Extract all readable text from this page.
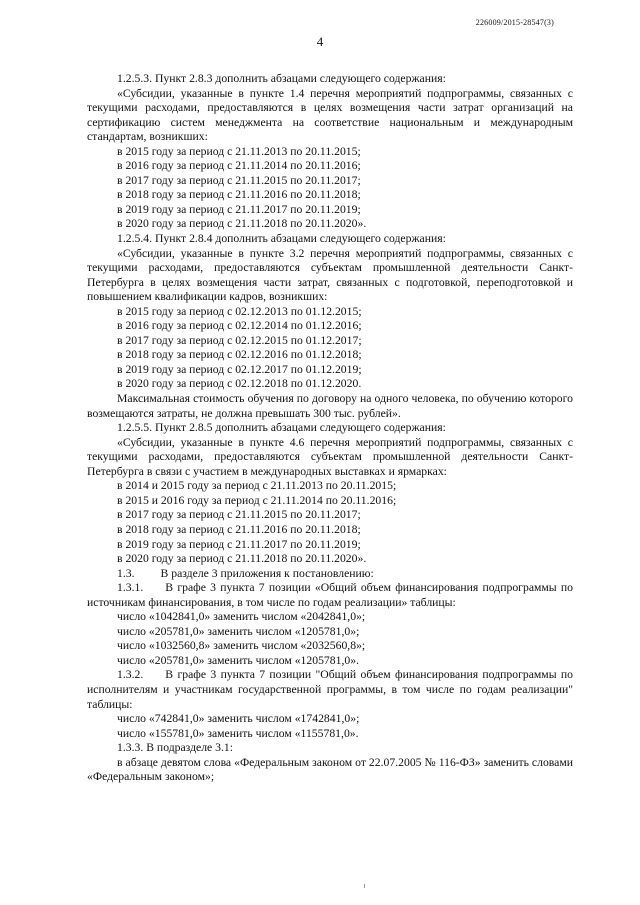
226009/2015-28547(3)
4

1.2.5.3. Пункт 2.8.3 дополнить абзацами следующего содержания:

«Субсидии, указанные в пункте 1.4 перечня мероприятий подпрограммы, связанных с текущими расходами, предоставляются в целях возмещения части затрат организаций на сертификацию систем менеджмента на соответствие национальным и международным стандартам, возникших:

в 2015 году за период с 21.11.2013 по 20.11.2015;

в 2016 году за период с 21.11.2014 по 20.11.2016;

в 2017 году за период с 21.11.2015 по 20.11.2017;

в 2018 году за период с 21.11.2016 по 20.11.2018;

в 2019 году за период с 21.11.2017 по 20.11.2019;

в 2020 году за период с 21.11.2018 по 20.11.2020».

1.2.5.4. Пункт 2.8.4 дополнить абзацами следующего содержания:

«Субсидии, указанные в пункте 3.2 перечня мероприятий подпрограммы, связанных с текущими расходами, предоставляются субъектам промышленной деятельности Санкт-Петербурга в целях возмещения части затрат, связанных с подготовкой, переподготовкой и повышением квалификации кадров, возникших:

в 2015 году за период с 02.12.2013 по 01.12.2015;

в 2016 году за период с 02.12.2014 по 01.12.2016;

в 2017 году за период с 02.12.2015 по 01.12.2017;

в 2018 году за период с 02.12.2016 по 01.12.2018;

в 2019 году за период с 02.12.2017 по 01.12.2019;

в 2020 году за период с 02.12.2018 по 01.12.2020.

Максимальная стоимость обучения по договору на одного человека, по обучению которого возмещаются затраты, не должна превышать 300 тыс. рублей».

1.2.5.5. Пункт 2.8.5 дополнить абзацами следующего содержания:

«Субсидии, указанные в пункте 4.6 перечня мероприятий подпрограммы, связанных с текущими расходами, предоставляются субъектам промышленной деятельности Санкт-Петербурга в связи с участием в международных выставках и ярмарках:

в 2014 и 2015 году за период с 21.11.2013 по 20.11.2015;

в 2015 и 2016 году за период с 21.11.2014 по 20.11.2016;

в 2017 году за период с 21.11.2015 по 20.11.2017;

в 2018 году за период с 21.11.2016 по 20.11.2018;

в 2019 году за период с 21.11.2017 по 20.11.2019;

в 2020 году за период с 21.11.2018 по 20.11.2020».

1.3. В разделе 3 приложения к постановлению:

1.3.1. В графе 3 пункта 7 позиции «Общий объем финансирования подпрограммы по источникам финансирования, в том числе по годам реализации» таблицы:

число «1042841,0» заменить числом «2042841,0»;

число «205781,0» заменить числом «1205781,0»;

число «1032560,8» заменить числом «2032560,8»;

число «205781,0» заменить числом «1205781,0».

1.3.2. В графе 3 пункта 7 позиции "Общий объем финансирования подпрограммы по исполнителям и участникам государственной программы, в том числе по годам реализации" таблицы:

число «742841,0» заменить числом «1742841,0»;

число «155781,0» заменить числом «1155781,0».

1.3.3. В подразделе 3.1:

в абзаце девятом слова «Федеральным законом от 22.07.2005 № 116-ФЗ» заменить словами «Федеральным законом»;
